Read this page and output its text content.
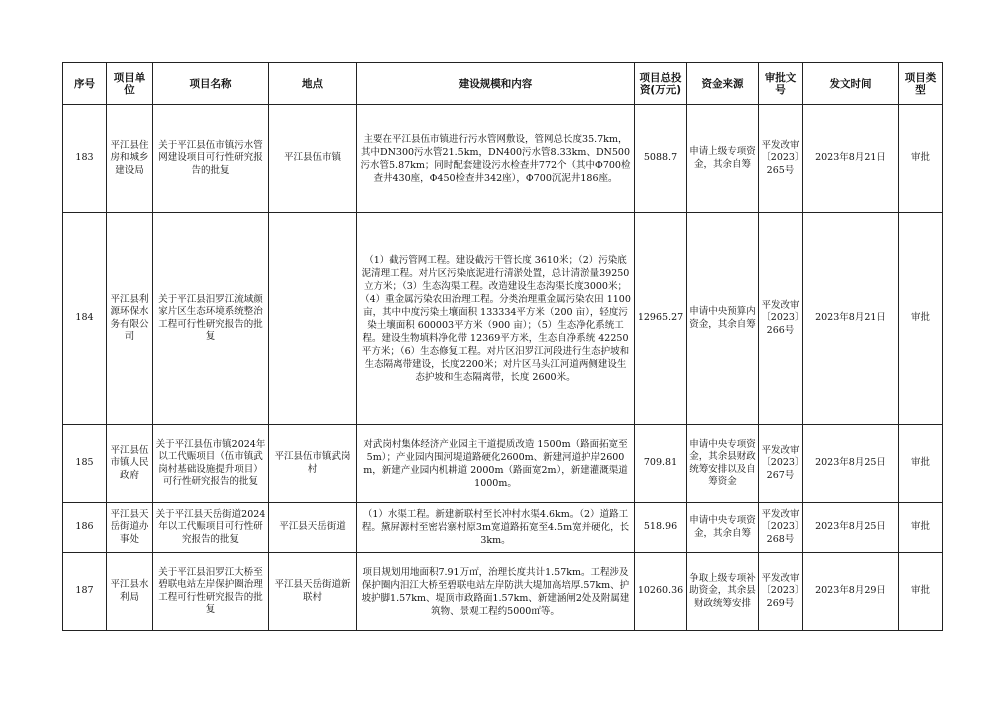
序号	项目单位	项目名称	地点	建设规模和内容	项目总投资(万元)	资金来源	审批文号	发文时间	项目类型
183	平江县住房和城乡建设局	关于平江县伍市镇污水管网建设项目可行性研究报告的批复	平江县伍市镇	主要在平江县伍市镇进行污水管网敷设，管网总长度35.7km，其中DN300污水管21.5km，DN400污水管8.33km、DN500污水管5.87km；同时配套建设污水检查井772个（其中Φ700检查井430座，Φ450检查井342座），Φ700沉泥井186座。	5088.7	申请上级专项资金，其余自筹	平发改审〔2023〕265号	2023年8月21日	审批
184	平江县利源环保水务有限公司	关于平江县汨罗江流域颜家片区生态环境系统整治工程可行性研究报告的批复		（1）截污管网工程。建设截污干管长度 3610米；（2）污染底泥清理工程。对片区污染底泥进行清淤处置，总计清淤量39250立方米；（3）生态沟渠工程。改造建设生态沟渠长度3000米；（4）重金属污染农田治理工程。分类治理重金属污染农田 1100 亩，其中中度污染土壤面积 133334平方米（200 亩），轻度污染土壤面积 600003平方米（900 亩）；（5）生态净化系统工程。建设生物填料净化带 12369平方米，生态自净系统 42250平方米；（6）生态修复工程。对片区汨罗江河段进行生态护坡和生态隔离带建设，长度2200米；对片区马头江河道两侧建设生态护坡和生态隔离带，长度 2600米。	12965.27	申请中央预算内资金，其余自筹	平发改审〔2023〕266号	2023年8月21日	审批
185	平江县伍市镇人民政府	关于平江县伍市镇2024年以工代赈项目（伍市镇武岗村基础设施提升项目）可行性研究报告的批复	平江县伍市镇武岗村	对武岗村集体经济产业园主干道提质改造 1500m（路面拓宽至 5m）；产业园内围河堤道路硬化2600m、新建河道护岸2600m，新建产业园内机耕道 2000m（路面宽2m），新建灌溉渠道 1000m。	709.81	申请中央专项资金，其余县财政统筹安排以及自筹资金	平发改审〔2023〕267号	2023年8月25日	审批
186	平江县天岳街道办事处	关于平江县天岳街道2024年以工代赈项目可行性研究报告的批复	平江县天岳街道	（1）水渠工程。新建新联村至长冲村水渠4.6km。（2）道路工程。黛屏源村至密岩寨村原3m宽道路拓宽至4.5m宽并硬化，长3km。	518.96	申请中央专项资金，其余自筹	平发改审〔2023〕268号	2023年8月25日	审批
187	平江县水利局	关于平江县汨罗江大桥至碧联电站左岸保护圈治理工程可行性研究报告的批复	平江县天岳街道新联村	项目规划用地面积7.91万㎡，治理长度共计1.57km。工程涉及保护圈内汨江大桥至碧联电站左岸防洪大堤加高培厚.57km、护坡护脚1.57km、堤顶市政路面1.57km、新建涵闸2处及附属建筑物、景观工程约5000㎡等。	10260.36	争取上级专项补助资金，其余县财政统筹安排	平发改审〔2023〕269号	2023年8月29日	审批
